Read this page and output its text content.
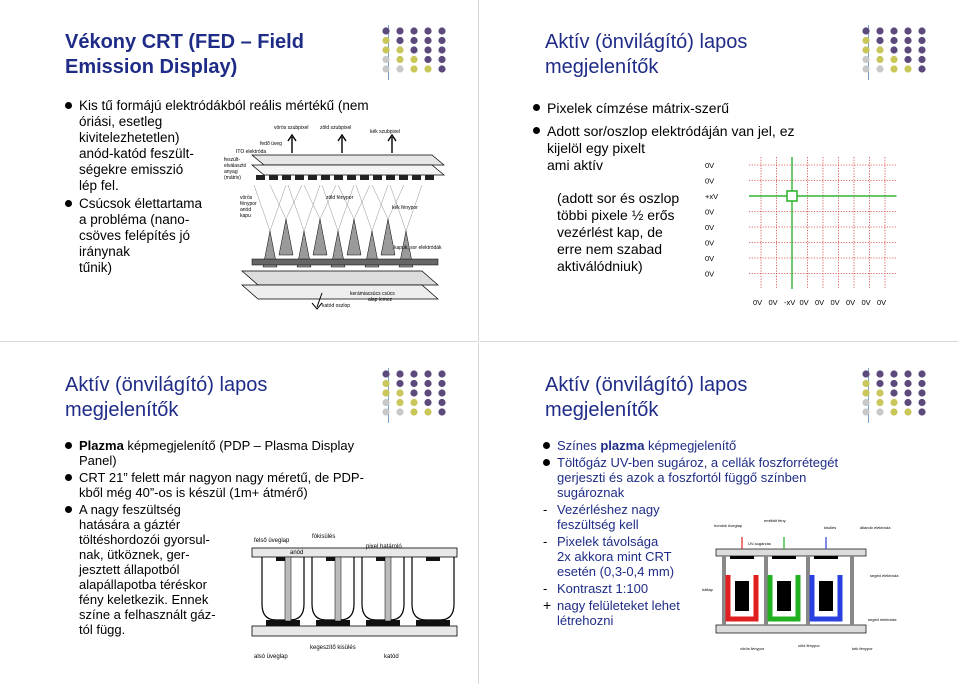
Vékony CRT (FED – Field
Emission Display)
Kis tű formájú elektródákból reális mértékű (nem
óriási, esetleg
kivitelezhetetlen)
anód-katód feszült-
ségekre emisszió
lép fel.
Csúcsok élettartama
a probléma (nano-
csöves felépítés jó
iránynak
tűnik)
vörös szubpixel zöld szubpixel
kék szubpixel
fedő üveg
ITO elektróda
feszült-
elválasztó
anyag
(mátrix)
vörös
fénypor
anód
kapu
zöld fénypor
kék fénypor
kapuk, sor elektródák
kerámiacsúcs csúcs
alap lemez
katód oszlop
Aktív (önvilágító) lapos
megjelenítők
Pixelek címzése mátrix-szerű
Adott sor/oszlop elektródáján van jel, ez
kijelöl egy pixelt
ami aktív
(adott sor és oszlop
többi pixele ½ erős
vezérlést kap, de
erre nem szabad
aktiválódniuk)
0V
0V
+xV
0V
0V
0V
0V
0V
0V 0V -xV 0V 0V 0V 0V 0V 0V
Aktív (önvilágító) lapos
megjelenítők
Plazma képmegjelenítő (PDP – Plasma Display
Panel)
CRT 21” felett már nagyon nagy méretű, de PDP-
kből még 40”-os is készül (1m+ átmérő)
A nagy feszültség
hatására a gáztér
töltéshordozói gyorsul-
nak, ütköznek, ger-
jesztett állapotból
alapállapotba téréskor
fény keletkezik. Ennek
színe a felhasznált gáz-
tól függ.
felső üveglap
fókisülés
pixel határoló
anód
alsó üveglap
kegeszítő kisülés
katód
Aktív (önvilágító) lapos
megjelenítők
Színes plazma képmegjelenítő
Töltőgáz UV-ben sugároz, a cellák foszforrétegét
gerjeszti és azok a foszfortól függő színben
sugároznak
- Vezérléshez nagy
feszültség kell
- Pixelek távolsága
2x akkora mint CRT
esetén (0,3-0,4 mm)
- Kontraszt 1:100
+ nagy felületeket lehet
létrehozni
homlok üveglap
emittált fény
kisülés	állandó elektróda
UV-sugárzás
segéd elektróda
hátlap
segéd elektróda
vörös fénypor
zöld fénypor
kék fénypor
